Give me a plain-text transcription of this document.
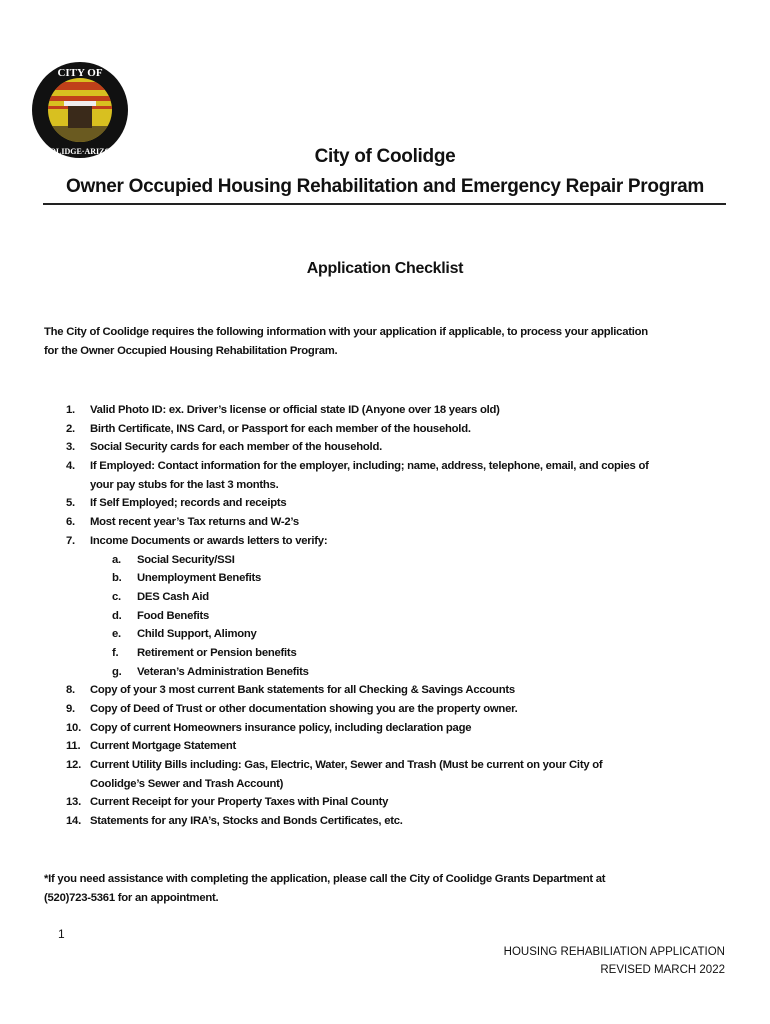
CITY OF
COOLIDGE·ARIZONA	City of Coolidge
Owner Occupied Housing Rehabilitation and Emergency Repair Program
Application Checklist
The City of Coolidge requires the following information with your application if applicable, to process your application
for the Owner Occupied Housing Rehabilitation Program.
1. Valid Photo ID: ex. Driver’s license or official state ID (Anyone over 18 years old)
2. Birth Certificate, INS Card, or Passport for each member of the household.
3. Social Security cards for each member of the household.
4. If Employed: Contact information for the employer, including; name, address, telephone, email, and copies of
your pay stubs for the last 3 months.
5. If Self Employed; records and receipts
6. Most recent year’s Tax returns and W-2’s
7. Income Documents or awards letters to verify:
a. Social Security/SSI
b. Unemployment Benefits
c. DES Cash Aid
d. Food Benefits
e. Child Support, Alimony
f. Retirement or Pension benefits
g. Veteran’s Administration Benefits
8. Copy of your 3 most current Bank statements for all Checking & Savings Accounts
9. Copy of Deed of Trust or other documentation showing you are the property owner.
10. Copy of current Homeowners insurance policy, including declaration page
11. Current Mortgage Statement
12. Current Utility Bills including: Gas, Electric, Water, Sewer and Trash (Must be current on your City of
Coolidge’s Sewer and Trash Account)
13. Current Receipt for your Property Taxes with Pinal County
14. Statements for any IRA’s, Stocks and Bonds Certificates, etc.
*If you need assistance with completing the application, please call the City of Coolidge Grants Department at
(520)723-5361 for an appointment.
1
HOUSING REHABILIATION APPLICATION
REVISED MARCH 2022
